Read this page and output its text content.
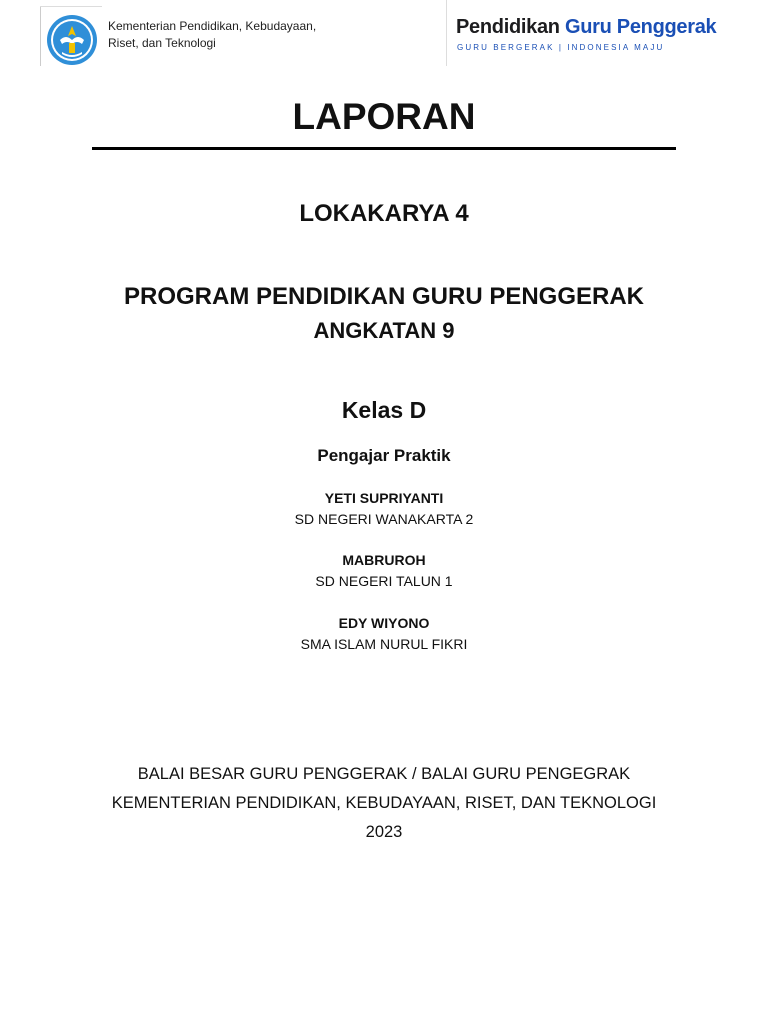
Kementerian Pendidikan, Kebudayaan,
Riset, dan Teknologi
Pendidikan Guru Penggerak
GURU BERGERAK | INDONESIA MAJU
LAPORAN
LOKAKARYA 4
PROGRAM PENDIDIKAN GURU PENGGERAK
ANGKATAN 9
Kelas D
Pengajar Praktik
YETI SUPRIYANTI
SD NEGERI WANAKARTA 2
MABRUROH
SD NEGERI TALUN 1
EDY WIYONO
SMA ISLAM NURUL FIKRI
BALAI BESAR GURU PENGGERAK / BALAI GURU PENGEGRAK
KEMENTERIAN PENDIDIKAN, KEBUDAYAAN, RISET, DAN TEKNOLOGI
2023
